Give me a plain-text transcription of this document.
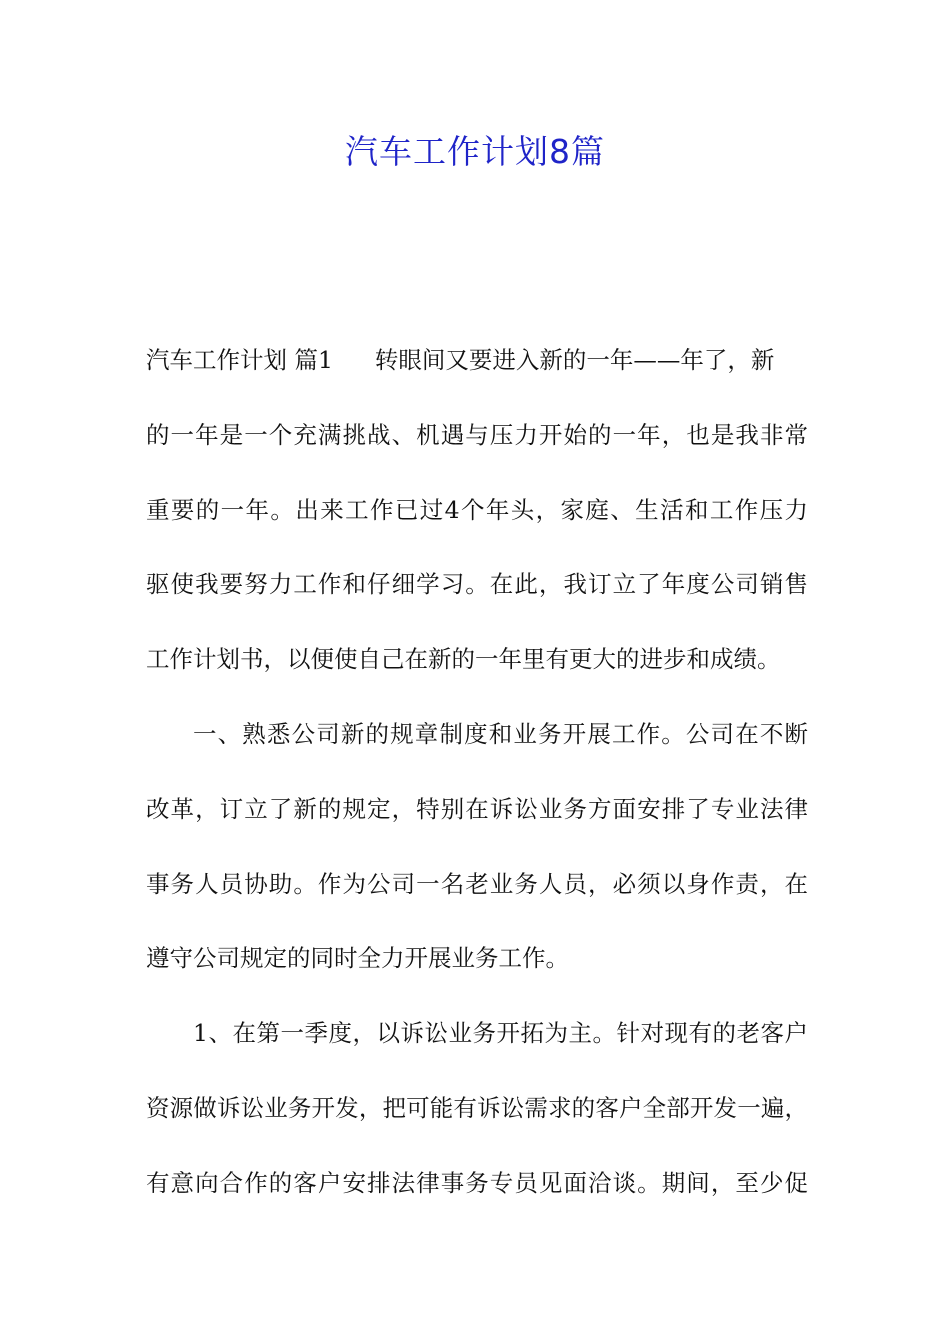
汽车工作计划8篇
汽车工作计划 篇1 转眼间又要进入新的一年——年了，新
的一年是一个充满挑战、机遇与压力开始的一年，也是我非常
重要的一年。出来工作已过4个年头，家庭、生活和工作压力
驱使我要努力工作和仔细学习。在此，我订立了年度公司销售
工作计划书，以便使自己在新的一年里有更大的进步和成绩。
一、熟悉公司新的规章制度和业务开展工作。公司在不断
改革，订立了新的规定，特别在诉讼业务方面安排了专业法律
事务人员协助。作为公司一名老业务人员，必须以身作责，在
遵守公司规定的同时全力开展业务工作。
1、在第一季度，以诉讼业务开拓为主。针对现有的老客户
资源做诉讼业务开发，把可能有诉讼需求的客户全部开发一遍，
有意向合作的客户安排法律事务专员见面洽谈。期间，至少促
